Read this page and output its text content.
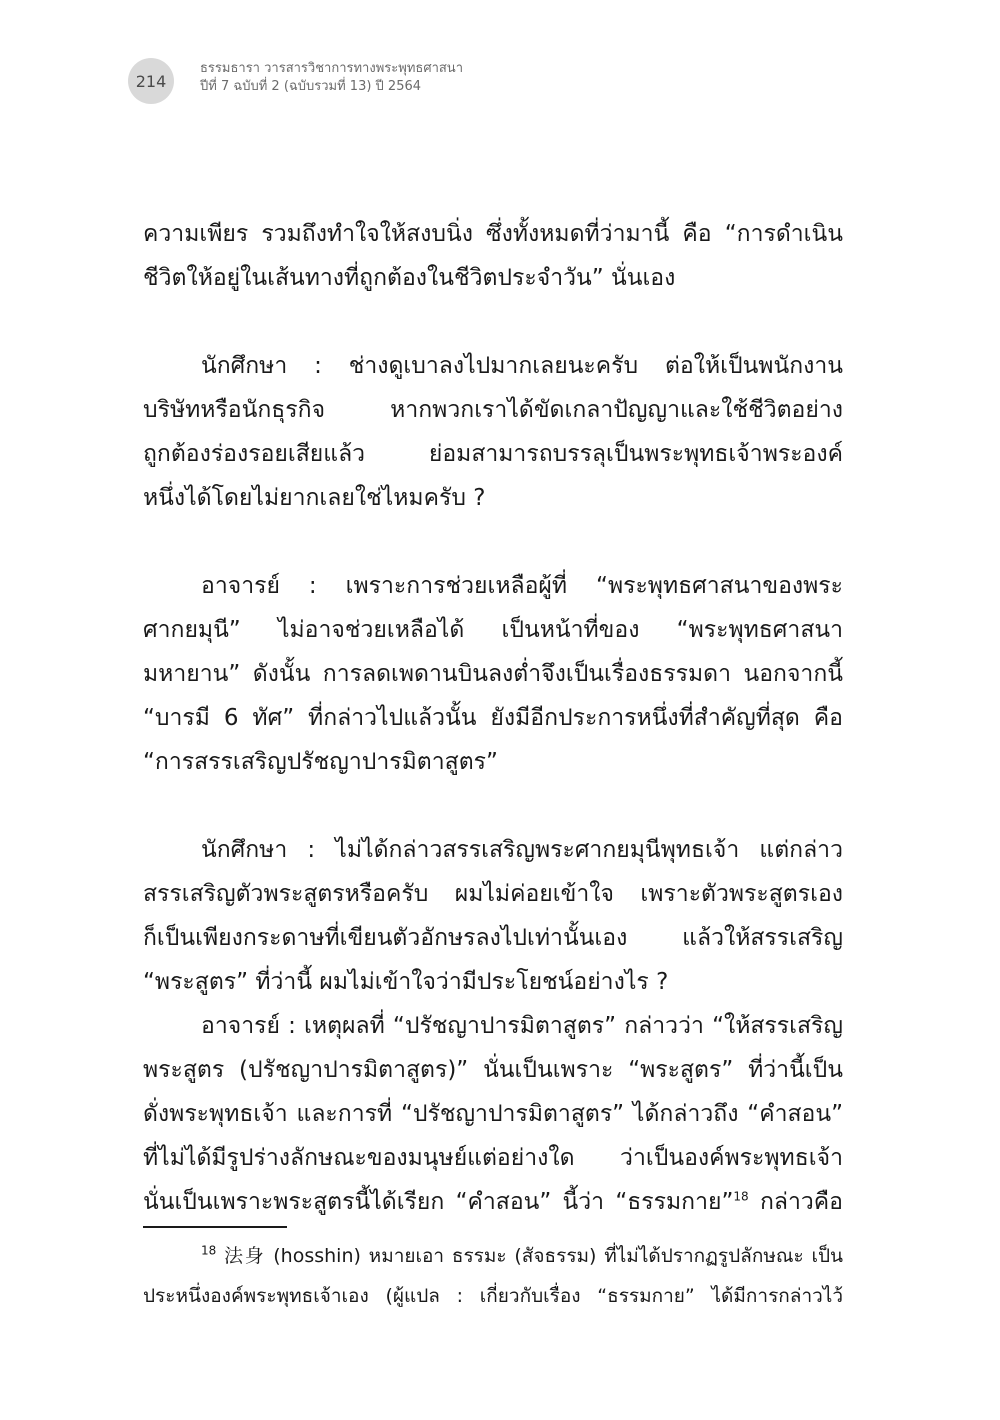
214
ธรรมธารา วารสารวิชาการทางพระพุทธศาสนา
ปีที่ 7 ฉบับที่ 2 (ฉบับรวมที่ 13) ปี 2564
ความเพียร รวมถึงทำใจให้สงบนิ่ง ซึ่งทั้งหมดที่ว่ามานี้ คือ “การดำเนิน
ชีวิตให้อยู่ในเส้นทางที่ถูกต้องในชีวิตประจำวัน” นั่นเอง
นักศึกษา : ช่างดูเบาลงไปมากเลยนะครับ ต่อให้เป็นพนักงาน
บริษัทหรือนักธุรกิจ หากพวกเราได้ขัดเกลาปัญญาและใช้ชีวิตอย่าง
ถูกต้องร่องรอยเสียแล้ว ย่อมสามารถบรรลุเป็นพระพุทธเจ้าพระองค์
หนึ่งได้โดยไม่ยากเลยใช่ไหมครับ ?
อาจารย์ : เพราะการช่วยเหลือผู้ที่ “พระพุทธศาสนาของพระ
ศากยมุนี” ไม่อาจช่วยเหลือได้ เป็นหน้าที่ของ “พระพุทธศาสนา
มหายาน” ดังนั้น การลดเพดานบินลงต่ำจึงเป็นเรื่องธรรมดา นอกจากนี้
“บารมี 6 ทัศ” ที่กล่าวไปแล้วนั้น ยังมีอีกประการหนึ่งที่สำคัญที่สุด คือ
“การสรรเสริญปรัชญาปารมิตาสูตร”
นักศึกษา : ไม่ได้กล่าวสรรเสริญพระศากยมุนีพุทธเจ้า แต่กล่าว
สรรเสริญตัวพระสูตรหรือครับ ผมไม่ค่อยเข้าใจ เพราะตัวพระสูตรเอง
ก็เป็นเพียงกระดาษที่เขียนตัวอักษรลงไปเท่านั้นเอง แล้วให้สรรเสริญ
“พระสูตร” ที่ว่านี้ ผมไม่เข้าใจว่ามีประโยชน์อย่างไร ?
อาจารย์ : เหตุผลที่ “ปรัชญาปารมิตาสูตร” กล่าวว่า “ให้สรรเสริญ
พระสูตร (ปรัชญาปารมิตาสูตร)” นั่นเป็นเพราะ “พระสูตร” ที่ว่านี้เป็น
ดั่งพระพุทธเจ้า และการที่ “ปรัชญาปารมิตาสูตร” ได้กล่าวถึง “คำสอน”
ที่ไม่ได้มีรูปร่างลักษณะของมนุษย์แต่อย่างใด ว่าเป็นองค์พระพุทธเจ้า
นั่นเป็นเพราะพระสูตรนี้ได้เรียก “คำสอน” นี้ว่า “ธรรมกาย”$^{18}$ กล่าวคือ
$^{18}$ 法身 (hosshin) หมายเอา ธรรมะ (สัจธรรม) ที่ไม่ได้ปรากฏรูปลักษณะ เป็น
ประหนึ่งองค์พระพุทธเจ้าเอง (ผู้แปล : เกี่ยวกับเรื่อง “ธรรมกาย” ได้มีการกล่าวไว้
